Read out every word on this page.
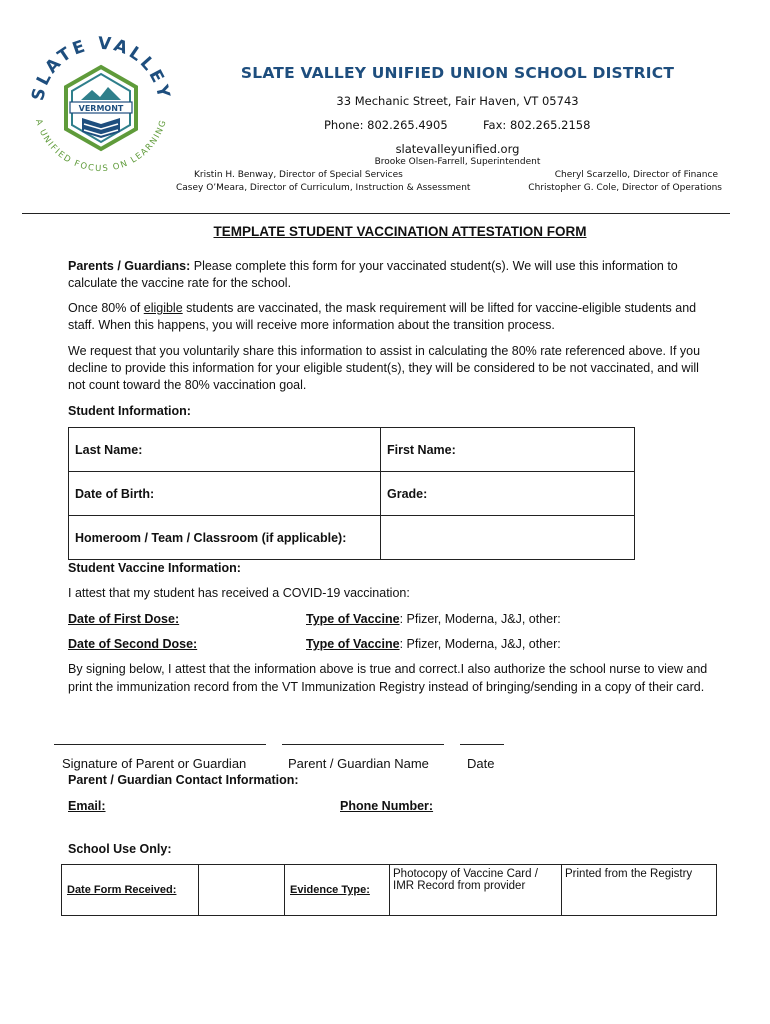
SLATE VALLEY
A UNIFIED FOCUS ON LEARNING
VERMONT
SLATE VALLEY UNIFIED UNION SCHOOL DISTRICT
33 Mechanic Street, Fair Haven, VT 05743
Phone: 802.265.4905	Fax: 802.265.2158
slatevalleyunified.org
Brooke Olsen-Farrell, Superintendent
Kristin H. Benway, Director of Special Services
Casey O’Meara, Director of Curriculum, Instruction & Assessment
Cheryl Scarzello, Director of Finance
Christopher G. Cole, Director of Operations
TEMPLATE STUDENT VACCINATION ATTESTATION FORM
Parents / Guardians: Please complete this form for your vaccinated student(s). We will use this information to calculate the vaccine rate for the school.
Once 80% of eligible students are vaccinated, the mask requirement will be lifted for vaccine-eligible students and staff. When this happens, you will receive more information about the transition process.
We request that you voluntarily share this information to assist in calculating the 80% rate referenced above. If you decline to provide this information for your eligible student(s), they will be considered to be not vaccinated, and will not count toward the 80% vaccination goal.
Student Information:
Last Name:	First Name:
Date of Birth:	Grade:
Homeroom / Team / Classroom (if applicable):	
Student Vaccine Information:
I attest that my student has received a COVID-19 vaccination:
Date of First Dose:	Type of Vaccine: Pfizer, Moderna, J&J, other:
Date of Second Dose:	Type of Vaccine: Pfizer, Moderna, J&J, other:
By signing below, I attest that the information above is true and correct.I also authorize the school nurse to view and print the immunization record from the VT Immunization Registry instead of bringing/sending in a copy of their card.
Signature of Parent or Guardian	Parent / Guardian Name	Date
Parent / Guardian Contact Information:
Email:	Phone Number:
School Use Only:
Date Form Received:		Evidence Type:	Photocopy of Vaccine Card / IMR Record from provider	Printed from the Registry
